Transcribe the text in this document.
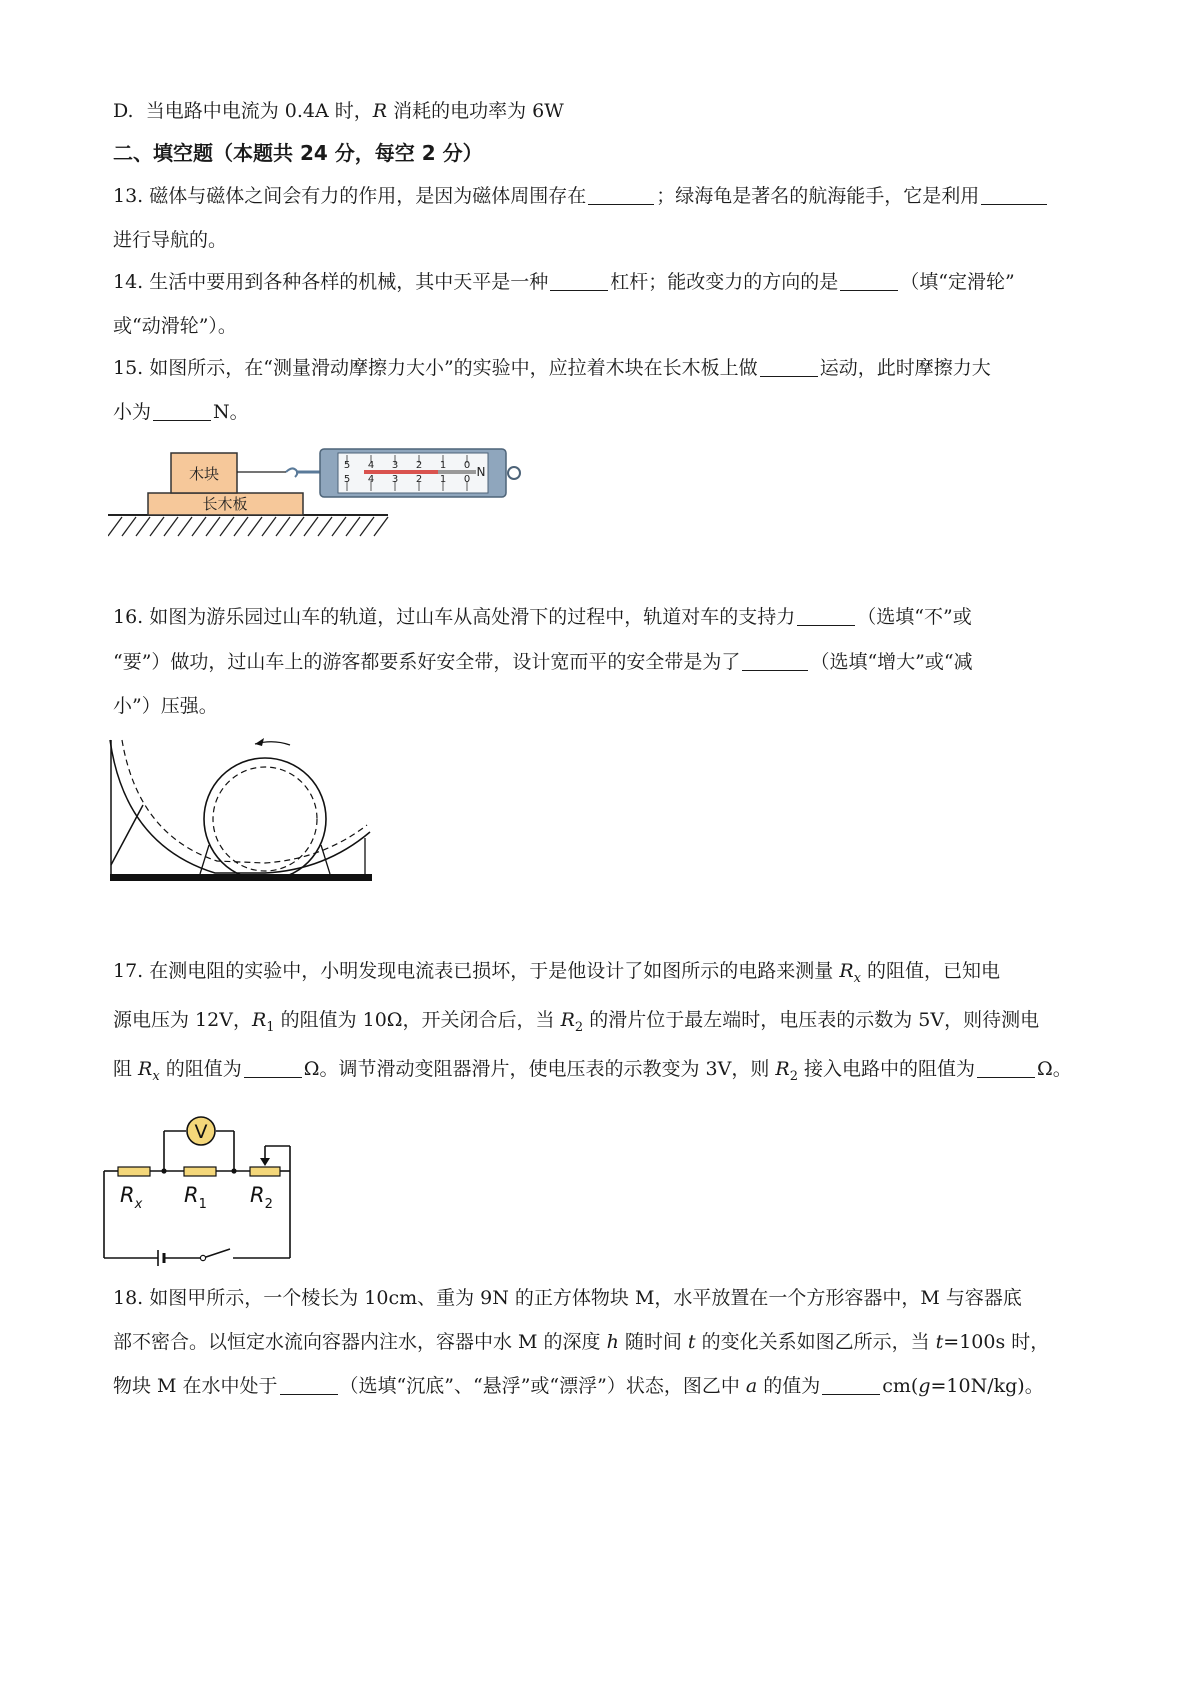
D. 当电路中电流为 0.4A 时，R 消耗的电功率为 6W
二、填空题（本题共 24 分，每空 2 分）
13. 磁体与磁体之间会有力的作用，是因为磁体周围存在	；绿海龟是著名的航海能手，它是利用
进行导航的。
14. 生活中要用到各种各样的机械，其中天平是一种	杠杆；能改变力的方向的是	（填“定滑轮”
或“动滑轮”）。
15. 如图所示，在“测量滑动摩擦力大小”的实验中，应拉着木块在长木板上做	运动，此时摩擦力大
小为	N。
长木板
木块	0
1
2
3
4
5
0
1
2
3
4
5
N
16. 如图为游乐园过山车的轨道，过山车从高处滑下的过程中，轨道对车的支持力	（选填“不”或
“要”）做功，过山车上的游客都要系好安全带，设计宽而平的安全带是为了	（选填“增大”或“减
小”）压强。
17. 在测电阻的实验中，小明发现电流表已损坏，于是他设计了如图所示的电路来测量 $R_x$ 的阻值，已知电
源电压为 12V，$R_1$ 的阻值为 10Ω，开关闭合后，当 $R_2$ 的滑片位于最左端时，电压表的示数为 5V，则待测电
阻 $R_x$ 的阻值为	Ω。调节滑动变阻器滑片，使电压表的示教变为 3V，则 $R_2$ 接入电路中的阻值为	Ω。
V
$R_x$ $R_1$ $R_2$
18. 如图甲所示，一个棱长为 10cm、重为 9N 的正方体物块 M，水平放置在一个方形容器中，M 与容器底
部不密合。以恒定水流向容器内注水，容器中水 M 的深度 h 随时间 t 的变化关系如图乙所示，当 t=100s 时，
物块 M 在水中处于	（选填“沉底”、“悬浮”或“漂浮”）状态，图乙中 a 的值为	cm(g=10N/kg)。
